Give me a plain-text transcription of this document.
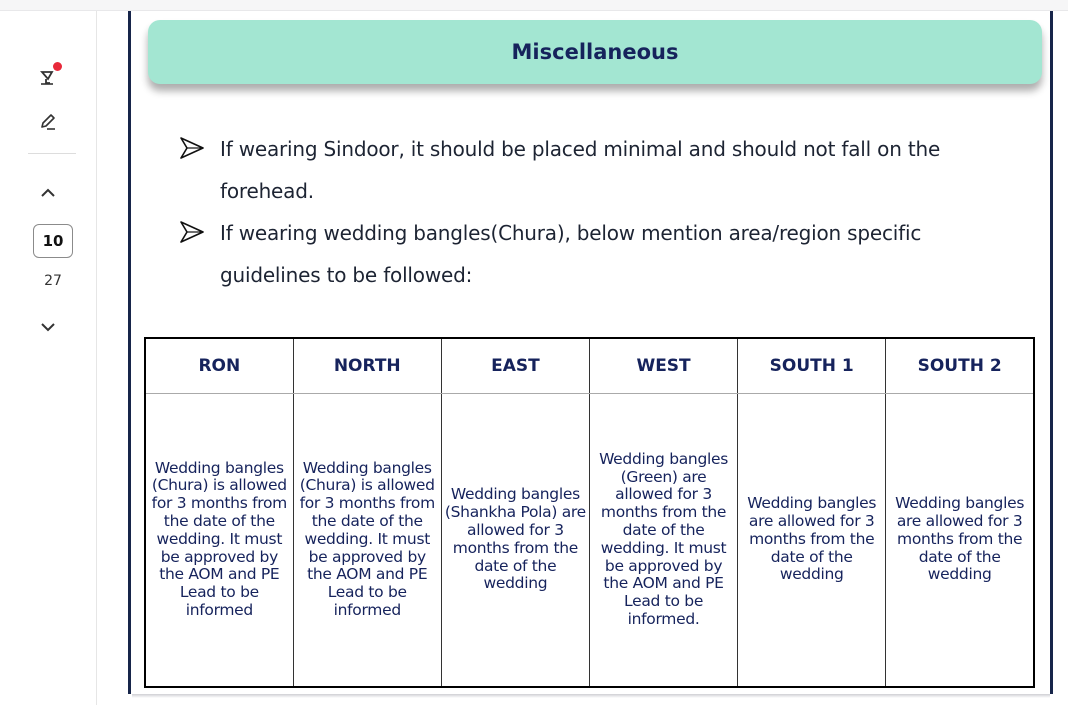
10
27
Miscellaneous
If wearing Sindoor, it should be placed minimal and should not fall on the forehead.
If wearing wedding bangles(Chura), below mention area/region specific guidelines to be followed:
RON	NORTH	EAST	WEST	SOUTH 1	SOUTH 2
Wedding bangles (Chura) is allowed for 3 months from the date of the wedding. It must be approved by the AOM and PE Lead to be informed	Wedding bangles (Chura) is allowed for 3 months from the date of the wedding. It must be approved by the AOM and PE Lead to be informed	Wedding bangles (Shankha Pola) are allowed for 3 months from the date of the wedding	Wedding bangles (Green) are allowed for 3 months from the date of the wedding. It must be approved by the AOM and PE Lead to be informed.	Wedding bangles are allowed for 3 months from the date of the wedding	Wedding bangles are allowed for 3 months from the date of the wedding
